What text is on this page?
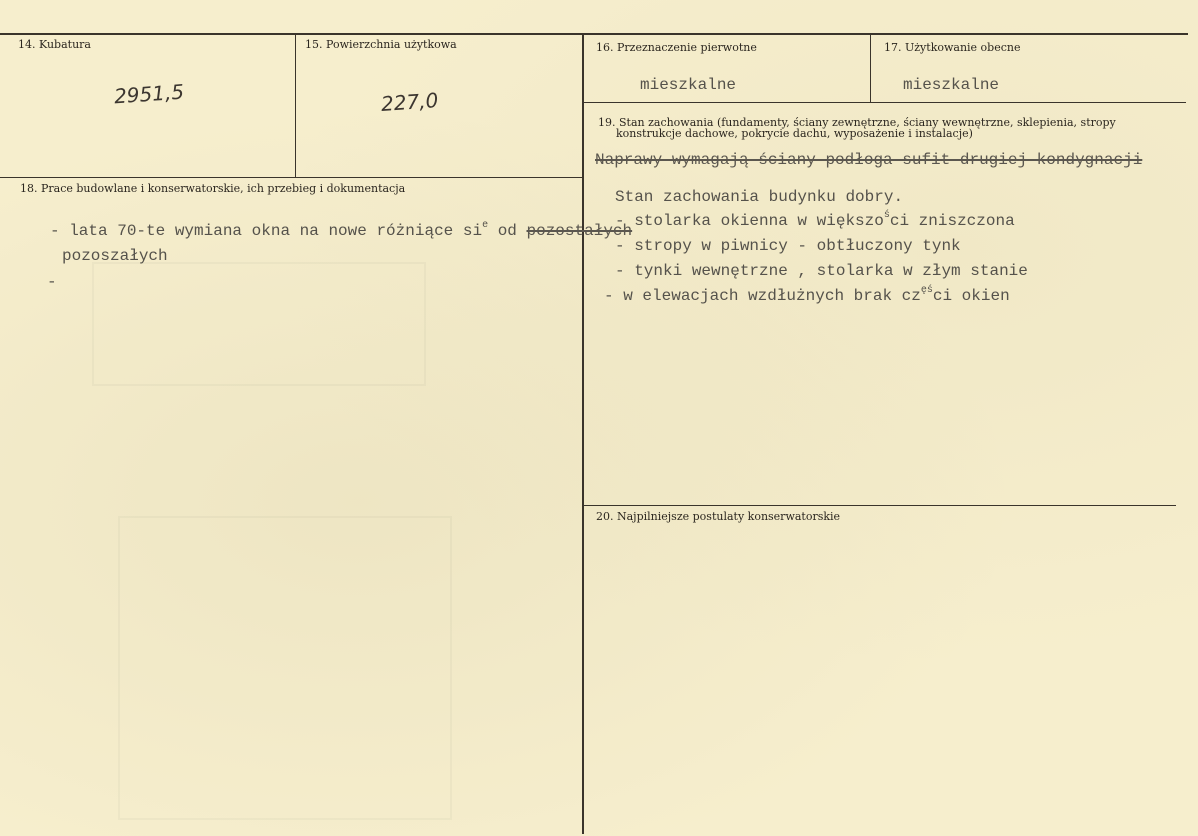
14. Kubatura
2951,5
15. Powierzchnia użytkowa
227,0
16. Przeznaczenie pierwotne
mieszkalne
17. Użytkowanie obecne
mieszkalne
18. Prace budowlane i konserwatorskie, ich przebieg i dokumentacja
- lata 70-te wymiana okna na nowe różniące $si^e$ od pozostałych
pozoszałych
-
19. Stan zachowania (fundamenty, ściany zewnętrzne, ściany wewnętrzne, sklepienia, stropy
konstrukcje dachowe, pokrycie dachu, wyposażenie i instalacje)
Naprawy wymagają ściany podłoga sufit drugiej kondygnacji
Stan zachowania budynku dobry.
- stolarka okienna w większo$^ś$ci zniszczona
- stropy w piwnicy - obtłuczony tynk
- tynki wewnętrzne , stolarka w złym stanie
- w elewacjach wzdłużnych brak $cz^{ęś}ci$ okien
20. Najpilniejsze postulaty konserwatorskie
